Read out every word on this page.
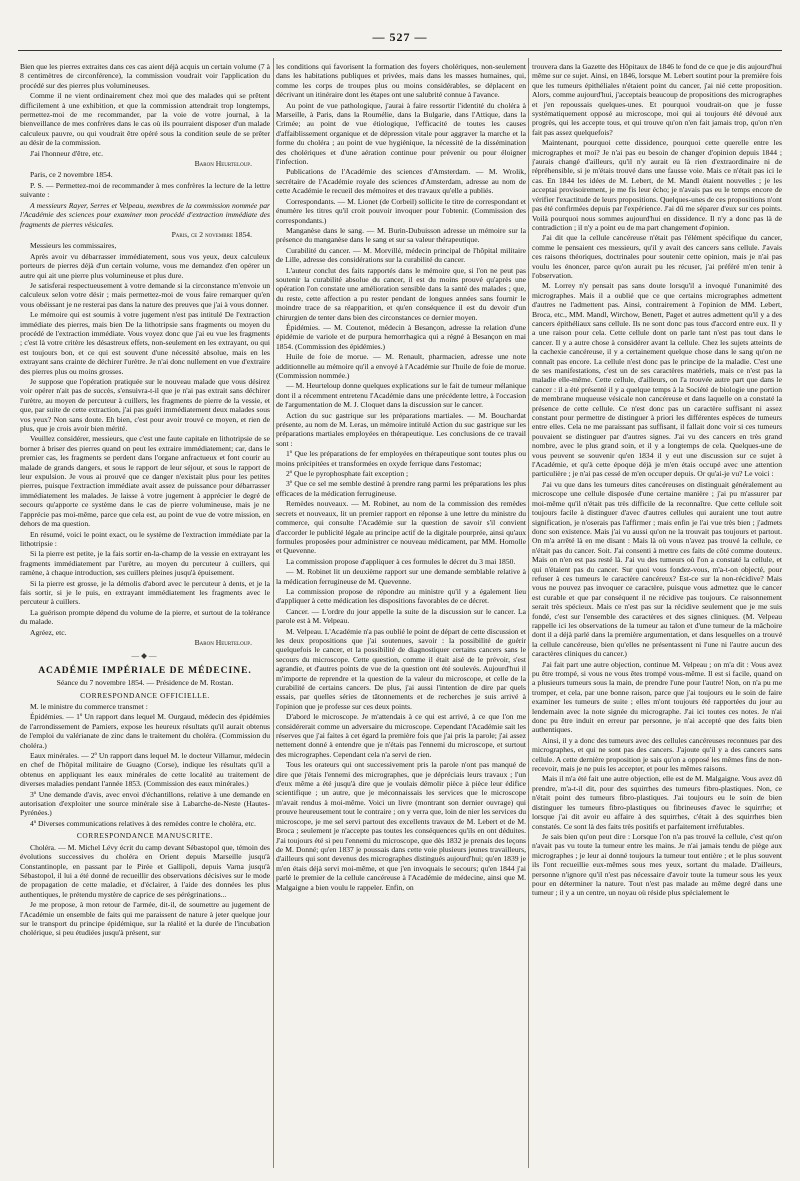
— 527 —

Bien que les pierres extraites dans ces cas aient déjà acquis un certain volume (7 à 8 centimètres de circonférence), la commission voudrait voir l'application du procédé sur des pierres plus volumineuses.

Comme il ne vient ordinairement chez moi que des malades qui se prêtent difficilement à une exhibition, et que la commission attendrait trop longtemps, permettez-moi de me recommander, par la voie de votre journal, à la bienveillance de mes confrères dans le cas où ils pourraient disposer d'un malade calculeux pauvre, ou qui voudrait être opéré sous la condition seule de se prêter au désir de la commission.

J'ai l'honneur d'être, etc.

Baron Heurteloup.

Paris, ce 2 novembre 1854.

P. S. — Permettez-moi de recommander à mes confrères la lecture de la lettre suivante :

A messieurs Rayer, Serres et Velpeau, membres de la commission nommée par l'Académie des sciences pour examiner mon procédé d'extraction immédiate des fragments de pierres vésicales.

Paris, ce 2 novembre 1854.

Messieurs les commissaires,

Après avoir vu débarrasser immédiatement, sous vos yeux, deux calculeux porteurs de pierres déjà d'un certain volume, vous me demandez d'en opérer un autre qui ait une pierre plus volumineuse et plus dure.

Je satisferai respectueusement à votre demande si la circonstance m'envoie un calculeux selon votre désir ; mais permettez-moi de vous faire remarquer qu'en vous obéissant je ne resterai pas dans la nature des preuves que j'ai à vous donner.

Le mémoire qui est soumis à votre jugement n'est pas intitulé De l'extraction immédiate des pierres, mais bien De la lithotripsie sans fragments ou moyen du procédé de l'extraction immédiate. Vous voyez donc que j'ai eu vue les fragments ; c'est là votre critère les désastreux effets, non-seulement en les extrayant, ou qui est toujours bon, et ce qui est souvent d'une nécessité absolue, mais en les extrayant sans crainte de déchirer l'urètre. Je n'ai donc nullement en vue d'extraire des pierres plus ou moins grosses.

Je suppose que l'opération pratiquée sur le nouveau malade que vous désirez voir opérer n'ait pas de succès, s'ensuivra-t-il que je n'ai pas extrait sans déchirer l'urètre, au moyen de percuteur à cuillers, les fragments de pierre de la vessie, et que, par suite de cette extraction, j'ai pas guéri immédiatement deux malades sous vos yeux? Non sans doute. Eh bien, c'est pour avoir trouvé ce moyen, et rien de plus, que je crois avoir bien mérité.

Veuillez considérer, messieurs, que c'est une faute capitale en lithotripsie de se borner à briser des pierres quand on peut les extraire immédiatement; car, dans le premier cas, les fragments se perdent dans l'organe anfractueux et font courir au malade de grands dangers, et sous le rapport de leur séjour, et sous le rapport de leur expulsion. Je vous ai prouvé que ce danger n'existait plus pour les petites pierres, puisque l'extraction immédiate avait assez de puissance pour débarrasser immédiatement les malades. Je laisse à votre jugement à apprécier le degré de secours qu'apporte ce système dans le cas de pierre volumineuse, mais je ne l'apprécie pas moi-même, parce que cela est, au point de vue de votre mission, en dehors de ma question.

En résumé, voici le point exact, ou le système de l'extraction immédiate par la lithotripsie :

Si la pierre est petite, je la fais sortir en-la-champ de la vessie en extrayant les fragments immédiatement par l'urètre, au moyen du percuteur à cuillers, qui ramène, à chaque introduction, ses cuillers pleines jusqu'à épuisement.

Si la pierre est grosse, je la démolis d'abord avec le percuteur à dents, et je la fais sortir, si je le puis, en extrayant immédiatement les fragments avec le percuteur à cuillers.

La guérison prompte dépend du volume de la pierre, et surtout de la tolérance du malade.

Agréez, etc.

Baron Heurteloup.
—◆—
ACADÉMIE IMPÉRIALE DE MÉDECINE.
Séance du 7 novembre 1854. — Présidence de M. Rostan.
CORRESPONDANCE OFFICIELLE.

M. le ministre du commerce transmet :

Épidémies. — 1º Un rapport dans lequel M. Ourgaud, médecin des épidémies de l'arrondissement de Pamiers, expose les heureux résultats qu'il aurait obtenus de l'emploi du valérianate de zinc dans le traitement du choléra. (Commission du choléra.)

Eaux minérales. — 2º Un rapport dans lequel M. le docteur Villamur, médecin en chef de l'hôpital militaire de Guagno (Corse), indique les résultats qu'il a obtenus en appliquant les eaux minérales de cette localité au traitement de diverses maladies pendant l'année 1853. (Commission des eaux minérales.)

3º Une demande d'avis, avec envoi d'échantillons, relative à une demande en autorisation d'exploiter une source minérale sise à Labarche-de-Neste (Hautes-Pyrénées.)

4º Diverses communications relatives à des remèdes contre le choléra, etc.

CORRESPONDANCE MANUSCRITE.

Choléra. — M. Michel Lévy écrit du camp devant Sébastopol que, témoin des évolutions successives du choléra en Orient depuis Marseille jusqu'à Constantinople, en passant par le Pirée et Gallipoli, depuis Varna jusqu'à Sébastopol, il lui a été donné de recueillir des observations décisives sur le mode de propagation de cette maladie, et d'éclairer, à l'aide des données les plus authentiques, le prétendu mystère de caprice de ses pérégrinations...

Je me propose, à mon retour de l'armée, dit-il, de soumettre au jugement de l'Académie un ensemble de faits qui me paraissent de nature à jeter quelque jour sur le transport du principe épidémique, sur la réalité et la durée de l'incubation cholérique, si peu étudiées jusqu'à présent, sur

les conditions qui favorisent la formation des foyers cholériques, non-seulement dans les habitations publiques et privées, mais dans les masses humaines, qui, comme les corps de troupes plus ou moins considérables, se déplacent en décrivant un itinéraire dont les étapes ont une salubrité connue à l'avance.

Au point de vue pathologique, j'aurai à faire ressortir l'identité du choléra à Marseille, à Paris, dans la Roumélie, dans la Bulgarie, dans l'Attique, dans la Crimée; au point de vue étiologique, l'efficacité de toutes les causes d'affaiblissement organique et de dépression vitale pour aggraver la marche et la forme du choléra ; au point de vue hygiénique, la nécessité de la dissémination des cholériques et d'une aération continue pour prévenir ou pour éloigner l'infection.

Publications de l'Académie des sciences d'Amsterdam. — M. Wrolik, secrétaire de l'Académie royale des sciences d'Amsterdam, adresse au nom de cette Académie le recueil des mémoires et des travaux qu'elle a publiés.

Correspondants. — M. Lionet (de Corbeil) sollicite le titre de correspondant et énumère les titres qu'il croit pouvoir invoquer pour l'obtenir. (Commission des correspondants.)

Manganèse dans le sang. — M. Burin-Dubuisson adresse un mémoire sur la présence du manganèse dans le sang et sur sa valeur thérapeutique.

Curabilité du cancer. — M. Morvillé, médecin principal de l'hôpital militaire de Lille, adresse des considérations sur la curabilité du cancer.

L'auteur conclut des faits rapportés dans le mémoire que, si l'on ne peut pas soutenir la curabilité absolue du cancer, il est du moins prouvé qu'après une opération l'on constate une amélioration sensible dans la santé des malades ; que, du reste, cette affection a pu rester pendant de longues années sans fournir le moindre trace de sa réapparition, et qu'en conséquence il est du devoir d'un chirurgien de tenter dans bien des circonstances ce dernier moyen.

Épidémies. — M. Coutenot, médecin à Besançon, adresse la relation d'une épidémie de variole et de purpura hemorrhagica qui a régné à Besançon en mai 1854. (Commission des épidémies.)

Huile de foie de morue. — M. Renault, pharmacien, adresse une note additionnelle au mémoire qu'il a envoyé à l'Académie sur l'huile de foie de morue. (Commission nommée.)

— M. Heurteloup donne quelques explications sur le fait de tumeur mélanique dont il a récemment entretenu l'Académie dans une précédente lettre, à l'occasion de l'argumentation de M. J. Cloquet dans la discussion sur le cancer.

Action du suc gastrique sur les préparations martiales. — M. Bouchardat présente, au nom de M. Leras, un mémoire intitulé Action du suc gastrique sur les préparations martiales employées en thérapeutique. Les conclusions de ce travail sont :

1º Que les préparations de fer employées en thérapeutique sont toutes plus ou moins précipitées et transformées en oxyde ferrique dans l'estomac;

2º Que le pyrophosphate fait exception ;

3º Que ce sel me semble destiné à prendre rang parmi les préparations les plus efficaces de la médication ferrugineuse.

Remèdes nouveaux. — M. Robinet, au nom de la commission des remèdes secrets et nouveaux, lit un premier rapport en réponse à une lettre du ministre du commerce, qui consulte l'Académie sur la question de savoir s'il convient d'accorder le publicité légale au principe actif de la digitale pourprée, ainsi qu'aux formules proposées pour administrer ce nouveau médicament, par MM. Homolle et Quevenne.

La commission propose d'appliquer à ces formules le décret du 3 mai 1850.

— M. Robinet lit un deuxième rapport sur une demande semblable relative à la médication ferrugineuse de M. Quevenne.

La commission propose de répondre au ministre qu'il y a également lieu d'appliquer à cette médication les dispositions favorables de ce décret.

Cancer. — L'ordre du jour appelle la suite de la discussion sur le cancer. La parole est à M. Velpeau.

M. Velpeau. L'Académie n'a pas oublié le point de départ de cette discussion et les deux propositions que j'ai soutenues, savoir : la possibilité de guérir quelquefois le cancer, et la possibilité de diagnostiquer certains cancers sans le secours du microscope. Cette question, comme il était aisé de le prévoir, s'est agrandie, et d'autres points de vue de la question ont été soulevés. Aujourd'hui il m'importe de reprendre et la question de la valeur du microscope, et celle de la curabilité de certains cancers. De plus, j'ai aussi l'intention de dire par quels essais, par quelles séries de tâtonnements et de recherches je suis arrivé à l'opinion que je professe sur ces deux points.

D'abord le microscope. Je m'attendais à ce qui est arrivé, à ce que l'on me considérerait comme un adversaire du microscope. Cependant l'Académie sait les réserves que j'ai faites à cet égard la première fois que j'ai pris la parole; j'ai assez nettement donné à entendre que je n'étais pas l'ennemi du microscope, et surtout des micrographes. Cependant cela n'a servi de rien.

Tous les orateurs qui ont successivement pris la parole n'ont pas manqué de dire que j'étais l'ennemi des micrographes, que je dépréciais leurs travaux ; l'un d'eux même a été jusqu'à dire que je voulais démolir pièce à pièce leur édifice scientifique ; un autre, que je méconnaissais les services que le microscope m'avait rendus à moi-même. Voici un livre (montrant son dernier ouvrage) qui prouve heureusement tout le contraire ; on y verra que, loin de nier les services du microscope, je me sel servi partout des excellents travaux de M. Lebert et de M. Broca ; seulement je n'accepte pas toutes les conséquences qu'ils en ont déduites. J'ai toujours été si peu l'ennemi du microscope, que dès 1832 je prenais des leçons de M. Donné; qu'en 1837 je poussais dans cette voie plusieurs jeunes travailleurs, d'ailleurs qui sont devenus des micrographes distingués aujourd'hui; qu'en 1839 je m'en étais déjà servi moi-même, et que j'en invoquais le secours; qu'en 1844 j'ai parlé le premier de la cellule cancéreuse à l'Académie de médecine, ainsi que M. Malgaigne a bien voulu le rappeler. Enfin, on

trouvera dans la Gazette des Hôpitaux de 1846 le fond de ce que je dis aujourd'hui même sur ce sujet. Ainsi, en 1846, lorsque M. Lebert soutint pour la première fois que les tumeurs épithéliales n'étaient point du cancer, j'ai nié cette proposition. Alors, comme aujourd'hui, j'acceptais beaucoup de propositions des micrographes et j'en repoussais quelques-unes. Et pourquoi voudrait-on que je fusse systématiquement opposé au microscope, moi qui ai toujours été dévoué aux progrès, qui les accepte tous, et qui trouve qu'on n'en fait jamais trop, qu'on n'en fait pas assez quelquefois?

Maintenant, pourquoi cette dissidence, pourquoi cette querelle entre les micrographes et moi? Je n'ai pas eu besoin de changer d'opinion depuis 1844 ; j'aurais changé d'ailleurs, qu'il n'y aurait eu là rien d'extraordinaire ni de répréhensible, si je m'étais trouvé dans une fausse voie. Mais ce n'était pas ici le cas. En 1844 les idées de M. Lebert, de M. Mandl étaient nouvelles ; je les acceptai provisoirement, je me fis leur écho; je n'avais pas eu le temps encore de vérifier l'exactitude de leurs propositions. Quelques-unes de ces propositions n'ont pas été confirmées depuis par l'expérience. J'ai dû me séparer d'eux sur ces points. Voilà pourquoi nous sommes aujourd'hui en dissidence. Il n'y a donc pas là de contradiction ; il n'y a point eu de ma part changement d'opinion.

J'ai dit que la cellule cancéreuse n'était pas l'élément spécifique du cancer, comme le pensaient ces messieurs, qu'il y avait des cancers sans cellule. J'avais ces raisons théoriques, doctrinales pour soutenir cette opinion, mais je n'ai pas voulu les énoncer, parce qu'on aurait pu les récuser, j'ai préféré m'en tenir à l'observation.

M. Lorrey n'y pensait pas sans doute lorsqu'il a invoqué l'unanimité des micrographes. Mais il a oublié que ce que certains micrographes admettent d'autres ne l'admettent pas. Ainsi, contrairement à l'opinion de MM. Lebert, Broca, etc., MM. Mandl, Wirchow, Benett, Paget et autres admettent qu'il y a des cancers épithéliaux sans cellule. Ils ne sont donc pas tous d'accord entre eux. Il y a une raison pour cela. Cette cellule dont on parle tant n'est pas tout dans le cancer. Il y a autre chose à considérer avant la cellule. Chez les sujets atteints de la cachexie cancéreuse, il y a certainement quelque chose dans le sang qu'on ne connaît pas encore. La cellule n'est donc pas le principe de la maladie. C'est une de ses manifestations, c'est un de ses caractères matériels, mais ce n'est pas la maladie elle-même. Cette cellule, d'ailleurs, on l'a trouvée autre part que dans le cancer : il a été présenté il y a quelque temps à la Société de biologie une portion de membrane muqueuse vésicale non cancéreuse et dans laquelle on a constaté la présence de cette cellule. Ce n'est donc pas un caractère suffisant ni assez constant pour permettre de distinguer à priori les différentes espèces de tumeurs entre elles. Cela ne me paraissant pas suffisant, il fallait donc voir si ces tumeurs pouvaient se distinguer par d'autres signes. J'ai vu des cancers en très grand nombre, avec le plus grand soin, et il y a longtemps de cela. Quelques-une de vous peuvent se souvenir qu'en 1834 il y eut une discussion sur ce sujet à l'Académie, et qu'à cette époque déjà je m'en étais occupé avec une attention particulière ; je n'ai pas cessé de m'en occuper depuis. Or qu'ai-je vu? Le voici :

J'ai vu que dans les tumeurs dites cancéreuses on distinguait généralement au microscope une cellule disposée d'une certaine manière ; j'ai pu m'assurer par moi-même qu'il n'était pas très difficile de la reconnaître. Que cette cellule soit toujours facile à distinguer d'avec d'autres cellules qui auraient une tout autre signification, je n'oserais pas l'affirmer ; mais enfin je l'ai vue très bien ; j'admets donc son existence. Mais j'ai vu aussi qu'on ne la trouvait pas toujours et partout. On m'a arrêté là en me disant : Mais là où vous n'avez pas trouvé la cellule, ce n'était pas du cancer. Soit. J'ai consenti à mettre ces faits de côté comme douteux. Mais on n'en est pas resté là. J'ai vu des tumeurs où l'on a constaté la cellule, et qui n'étaient pas du cancer. Sur quoi vous fondez-vous, m'a-t-on objecté, pour refuser à ces tumeurs le caractère cancéreux? Est-ce sur la non-récidive? Mais vous ne pouvez pas invoquer ce caractère, puisque vous admettez que le cancer est curable et que par conséquent il ne récidive pas toujours. Ce raisonnement serait très spécieux. Mais ce n'est pas sur la récidive seulement que je me suis fondé, c'est sur l'ensemble des caractères et des signes cliniques. (M. Velpeau rappelle ici les observations de la tumeur au talon et d'une tumeur de la mâchoire dont il a déjà parlé dans la première argumentation, et dans lesquelles on a trouvé la cellule cancéreuse, bien qu'elles ne présentassent ni l'une ni l'autre aucun des caractères cliniques du cancer.)

J'ai fait part une autre objection, continue M. Velpeau ; on m'a dit : Vous avez pu être trompé, si vous ne vous êtes trompé vous-même. Il est si facile, quand on a plusieurs tumeurs sous la main, de prendre l'une pour l'autre! Non, on n'a pu me tromper, et cela, par une bonne raison, parce que j'ai toujours eu le soin de faire examiner les tumeurs de suite ; elles m'ont toujours été rapportées du jour au lendemain avec la note signée du micrographe. J'ai ici toutes ces notes. Je n'ai donc pu être induit en erreur par personne, je n'ai accepté que des faits bien authentiques.

Ainsi, il y a donc des tumeurs avec des cellules cancéreuses reconnues par des micrographes, et qui ne sont pas des cancers. J'ajoute qu'il y a des cancers sans cellule. A cette dernière proposition je sais qu'on a opposé les mêmes fins de non-recevoir, mais je ne puis les accepter, et pour les mêmes raisons.

Mais il m'a été fait une autre objection, elle est de M. Malgaigne. Vous avez dû prendre, m'a-t-il dit, pour des squirrhes des tumeurs fibro-plastiques. Non, ce n'était point des tumeurs fibro-plastiques. J'ai toujours eu le soin de bien distinguer les tumeurs fibro-plastiques ou fibrineuses d'avec le squirrhe; et lorsque j'ai dit avoir eu affaire à des squirrhes, c'était à des squirrhes bien constatés. Ce sont là des faits très positifs et parfaitement irréfutables.

Je sais bien qu'on peut dire : Lorsque l'on n'a pas trouvé la cellule, c'est qu'on n'avait pas vu toute la tumeur entre les mains. Je n'ai jamais tendu de piège aux micrographes ; je leur ai donné toujours la tumeur tout entière ; et le plus souvent ils l'ont recueillie eux-mêmes sous mes yeux, sortant du malade. D'ailleurs, personne n'ignore qu'il n'est pas nécessaire d'avoir toute la tumeur sous les yeux pour en déterminer la nature. Tout n'est pas malade au même degré dans une tumeur ; il y a un centre, un noyau où réside plus spécialement le
